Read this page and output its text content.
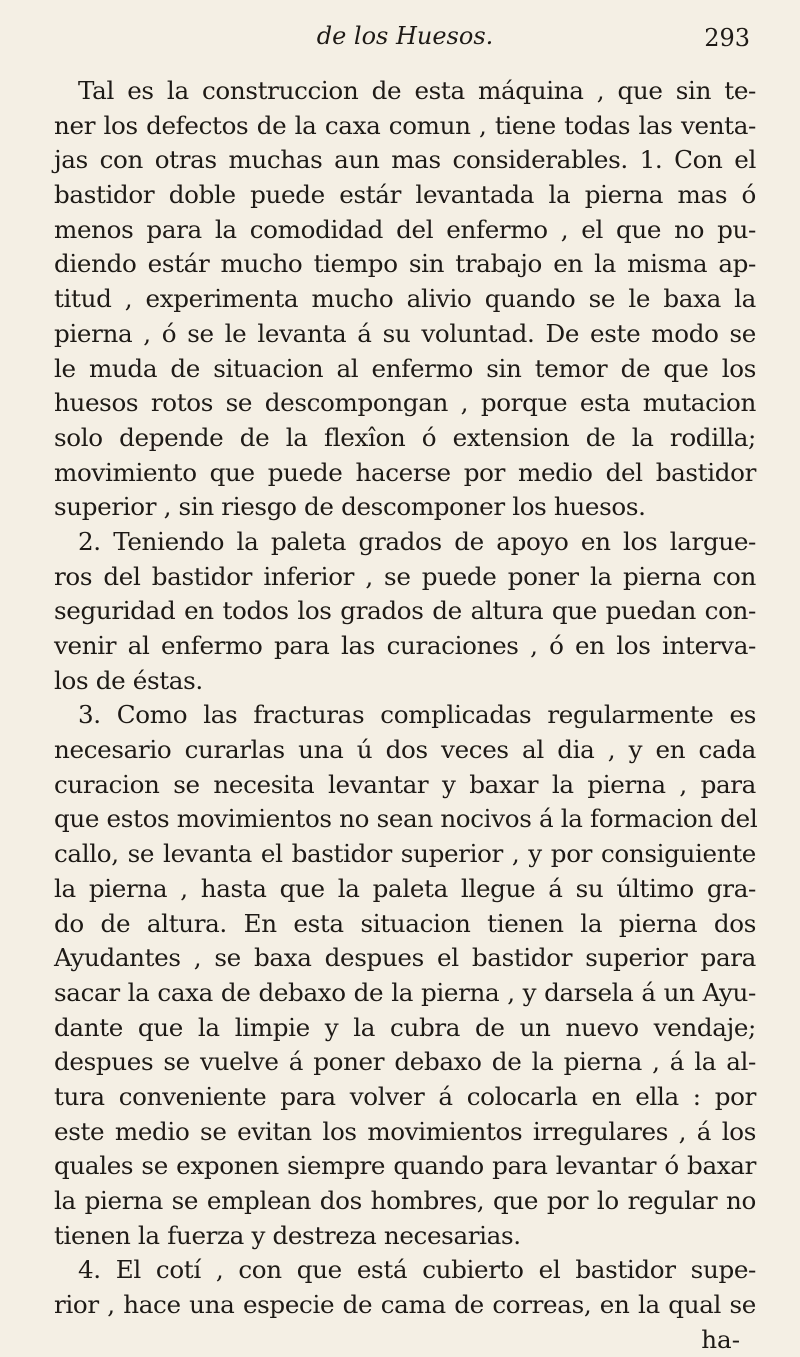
de los Huesos.	293
Tal es la construccion de esta máquina , que sin te-
ner los defectos de la caxa comun , tiene todas las venta-
jas con otras muchas aun mas considerables. 1. Con el
bastidor doble puede estár levantada la pierna mas ó
menos para la comodidad del enfermo , el que no pu-
diendo estár mucho tiempo sin trabajo en la misma ap-
titud , experimenta mucho alivio quando se le baxa la
pierna , ó se le levanta á su voluntad. De este modo se
le muda de situacion al enfermo sin temor de que los
huesos rotos se descompongan , porque esta mutacion
solo depende de la flexîon ó extension de la rodilla;
movimiento que puede hacerse por medio del bastidor
superior , sin riesgo de descomponer los huesos.
2. Teniendo la paleta grados de apoyo en los largue-
ros del bastidor inferior , se puede poner la pierna con
seguridad en todos los grados de altura que puedan con-
venir al enfermo para las curaciones , ó en los interva-
los de éstas.
3. Como las fracturas complicadas regularmente es
necesario curarlas una ú dos veces al dia , y en cada
curacion se necesita levantar y baxar la pierna , para
que estos movimientos no sean nocivos á la formacion del
callo, se levanta el bastidor superior , y por consiguiente
la pierna , hasta que la paleta llegue á su último gra-
do de altura. En esta situacion tienen la pierna dos
Ayudantes , se baxa despues el bastidor superior para
sacar la caxa de debaxo de la pierna , y darsela á un Ayu-
dante que la limpie y la cubra de un nuevo vendaje;
despues se vuelve á poner debaxo de la pierna , á la al-
tura conveniente para volver á colocarla en ella : por
este medio se evitan los movimientos irregulares , á los
quales se exponen siempre quando para levantar ó baxar
la pierna se emplean dos hombres, que por lo regular no
tienen la fuerza y destreza necesarias.
4. El cotí , con que está cubierto el bastidor supe-
rior , hace una especie de cama de correas, en la qual se
ha-
